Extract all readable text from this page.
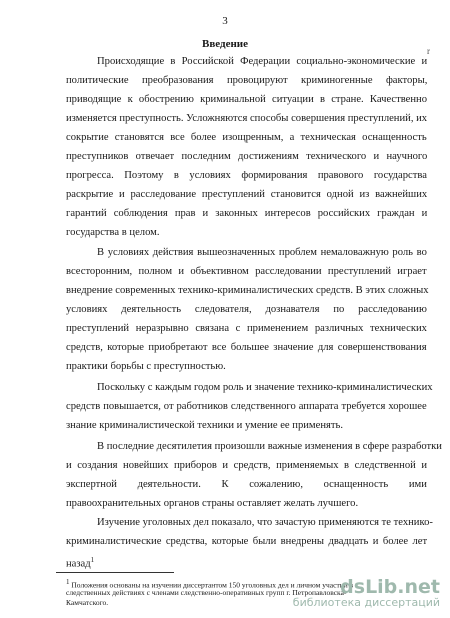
3
Введение
r
Происходящие в Российской Федерации социально-экономические и
политические преобразования провоцируют криминогенные факторы,
приводящие к обострению криминальной ситуации в стране. Качественно
изменяется преступность. Усложняются способы совершения преступлений, их
сокрытие становятся все более изощренным, а техническая оснащенность
преступников отвечает последним достижениям технического и научного
прогресса. Поэтому в условиях формирования правового государства
раскрытие и расследование преступлений становится одной из важнейших
гарантий соблюдения прав и законных интересов российских граждан и
государства в целом.
В условиях действия вышеозначенных проблем немаловажную роль во
всесторонним, полном и объективном расследовании преступлений играет
внедрение современных технико-криминалистических средств. В этих сложных
условиях деятельность следователя, дознавателя по расследованию
преступлений неразрывно связана с применением различных технических
средств, которые приобретают все большее значение для совершенствования
практики борьбы с преступностью.
Поскольку с каждым годом роль и значение технико-криминалистических
средств повышается, от работников следственного аппарата требуется хорошее
знание криминалистической техники и умение ее применять.
В последние десятилетия произошли важные изменения в сфере разработки
и создания новейших приборов и средств, применяемых в следственной и
экспертной деятельности. К сожалению, оснащенность ими
правоохранительных органов страны оставляет желать лучшего.
Изучение уголовных дел показало, что зачастую применяются те технико-
криминалистические средства, которые были внедрены двадцать и более лет
назад$^1$
1 Положения основаны на изучении диссертантом 150 уголовных дел и личном участии в
следственных действиях с членами следственно-оперативных групп г. Петропавловска-
Камчатского.
dsLib.net
библиотека диссертаций
